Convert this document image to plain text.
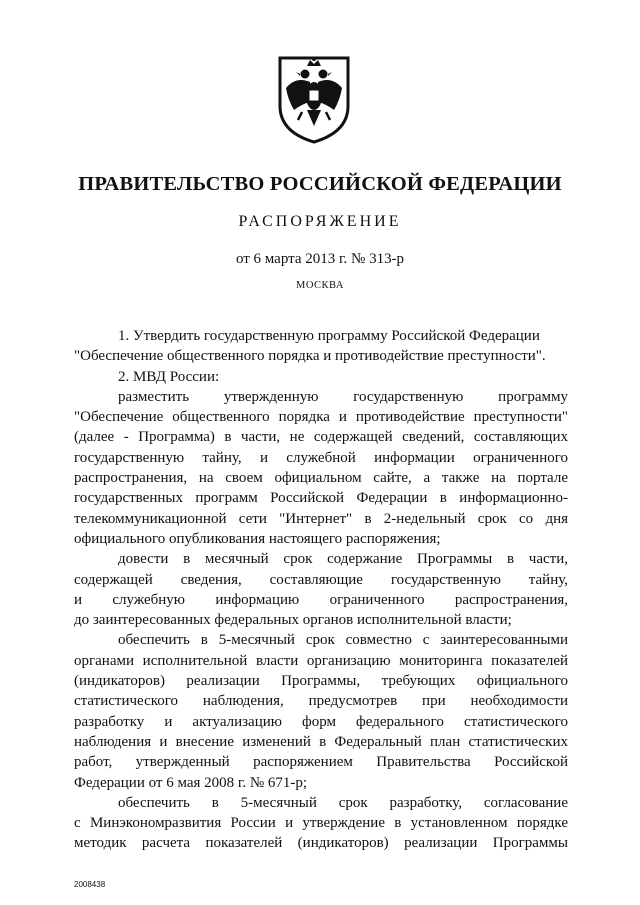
ПРАВИТЕЛЬСТВО РОССИЙСКОЙ ФЕДЕРАЦИИ
РАСПОРЯЖЕНИЕ
от 6 марта 2013 г. № 313-р
МОСКВА
1. Утвердить государственную программу Российской Федерации
"Обеспечение общественного порядка и противодействие преступности".
2. МВД России:
разместить утвержденную государственную программу
"Обеспечение общественного порядка и противодействие преступности"
(далее - Программа) в части, не содержащей сведений, составляющих
государственную тайну, и служебной информации ограниченного
распространения, на своем официальном сайте, а также на портале
государственных программ Российской Федерации в информационно-
телекоммуникационной сети "Интернет" в 2-недельный срок со дня
официального опубликования настоящего распоряжения;
довести в месячный срок содержание Программы в части,
содержащей сведения, составляющие государственную тайну,
и служебную информацию ограниченного распространения,
до заинтересованных федеральных органов исполнительной власти;
обеспечить в 5-месячный срок совместно с заинтересованными
органами исполнительной власти организацию мониторинга показателей
(индикаторов) реализации Программы, требующих официального
статистического наблюдения, предусмотрев при необходимости
разработку и актуализацию форм федерального статистического
наблюдения и внесение изменений в Федеральный план статистических
работ, утвержденный распоряжением Правительства Российской
Федерации от 6 мая 2008 г. № 671-р;
обеспечить в 5-месячный срок разработку, согласование
с Минэкономразвития России и утверждение в установленном порядке
методик расчета показателей (индикаторов) реализации Программы
2008438
